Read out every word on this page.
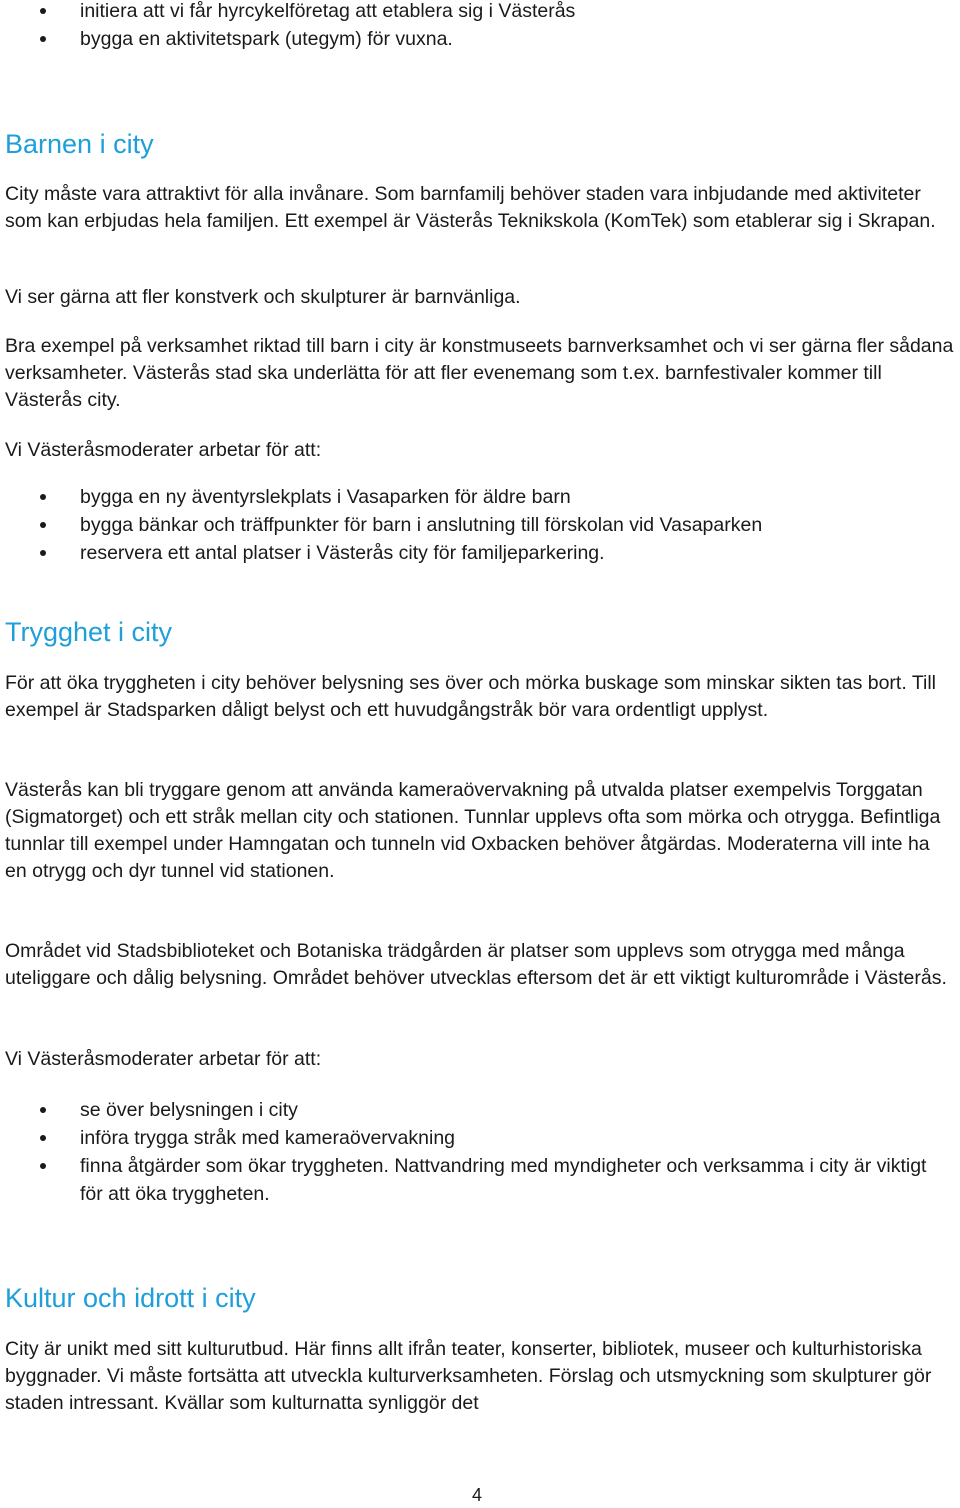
initiera att vi får hyrcykelföretag att etablera sig i Västerås
bygga en aktivitetspark (utegym) för vuxna.
Barnen i city

City måste vara attraktivt för alla invånare. Som barnfamilj behöver staden vara inbjudande med aktiviteter som kan erbjudas hela familjen. Ett exempel är Västerås Teknikskola (KomTek) som etablerar sig i Skrapan.

Vi ser gärna att fler konstverk och skulpturer är barnvänliga.

Bra exempel på verksamhet riktad till barn i city är konstmuseets barnverksamhet och vi ser gärna fler sådana verksamheter. Västerås stad ska underlätta för att fler evenemang som t.ex. barnfestivaler kommer till Västerås city.

Vi Västeråsmoderater arbetar för att:

bygga en ny äventyrslekplats i Vasaparken för äldre barn
bygga bänkar och träffpunkter för barn i anslutning till förskolan vid Vasaparken
reservera ett antal platser i Västerås city för familjeparkering.
Trygghet i city

För att öka tryggheten i city behöver belysning ses över och mörka buskage som minskar sikten tas bort. Till exempel är Stadsparken dåligt belyst och ett huvudgångstråk bör vara ordentligt upplyst.

Västerås kan bli tryggare genom att använda kameraövervakning på utvalda platser exempelvis Torggatan (Sigmatorget) och ett stråk mellan city och stationen. Tunnlar upplevs ofta som mörka och otrygga. Befintliga tunnlar till exempel under Hamngatan och tunneln vid Oxbacken behöver åtgärdas. Moderaterna vill inte ha en otrygg och dyr tunnel vid stationen.

Området vid Stadsbiblioteket och Botaniska trädgården är platser som upplevs som otrygga med många uteliggare och dålig belysning. Området behöver utvecklas eftersom det är ett viktigt kulturområde i Västerås.

Vi Västeråsmoderater arbetar för att:

se över belysningen i city
införa trygga stråk med kameraövervakning
finna åtgärder som ökar tryggheten. Nattvandring med myndigheter och verksamma i city är viktigt för att öka tryggheten.
Kultur och idrott i city

City är unikt med sitt kulturutbud. Här finns allt ifrån teater, konserter, bibliotek, museer och kulturhistoriska byggnader. Vi måste fortsätta att utveckla kulturverksamheten. Förslag och utsmyckning som skulpturer gör staden intressant. Kvällar som kulturnatta synliggör det

4
